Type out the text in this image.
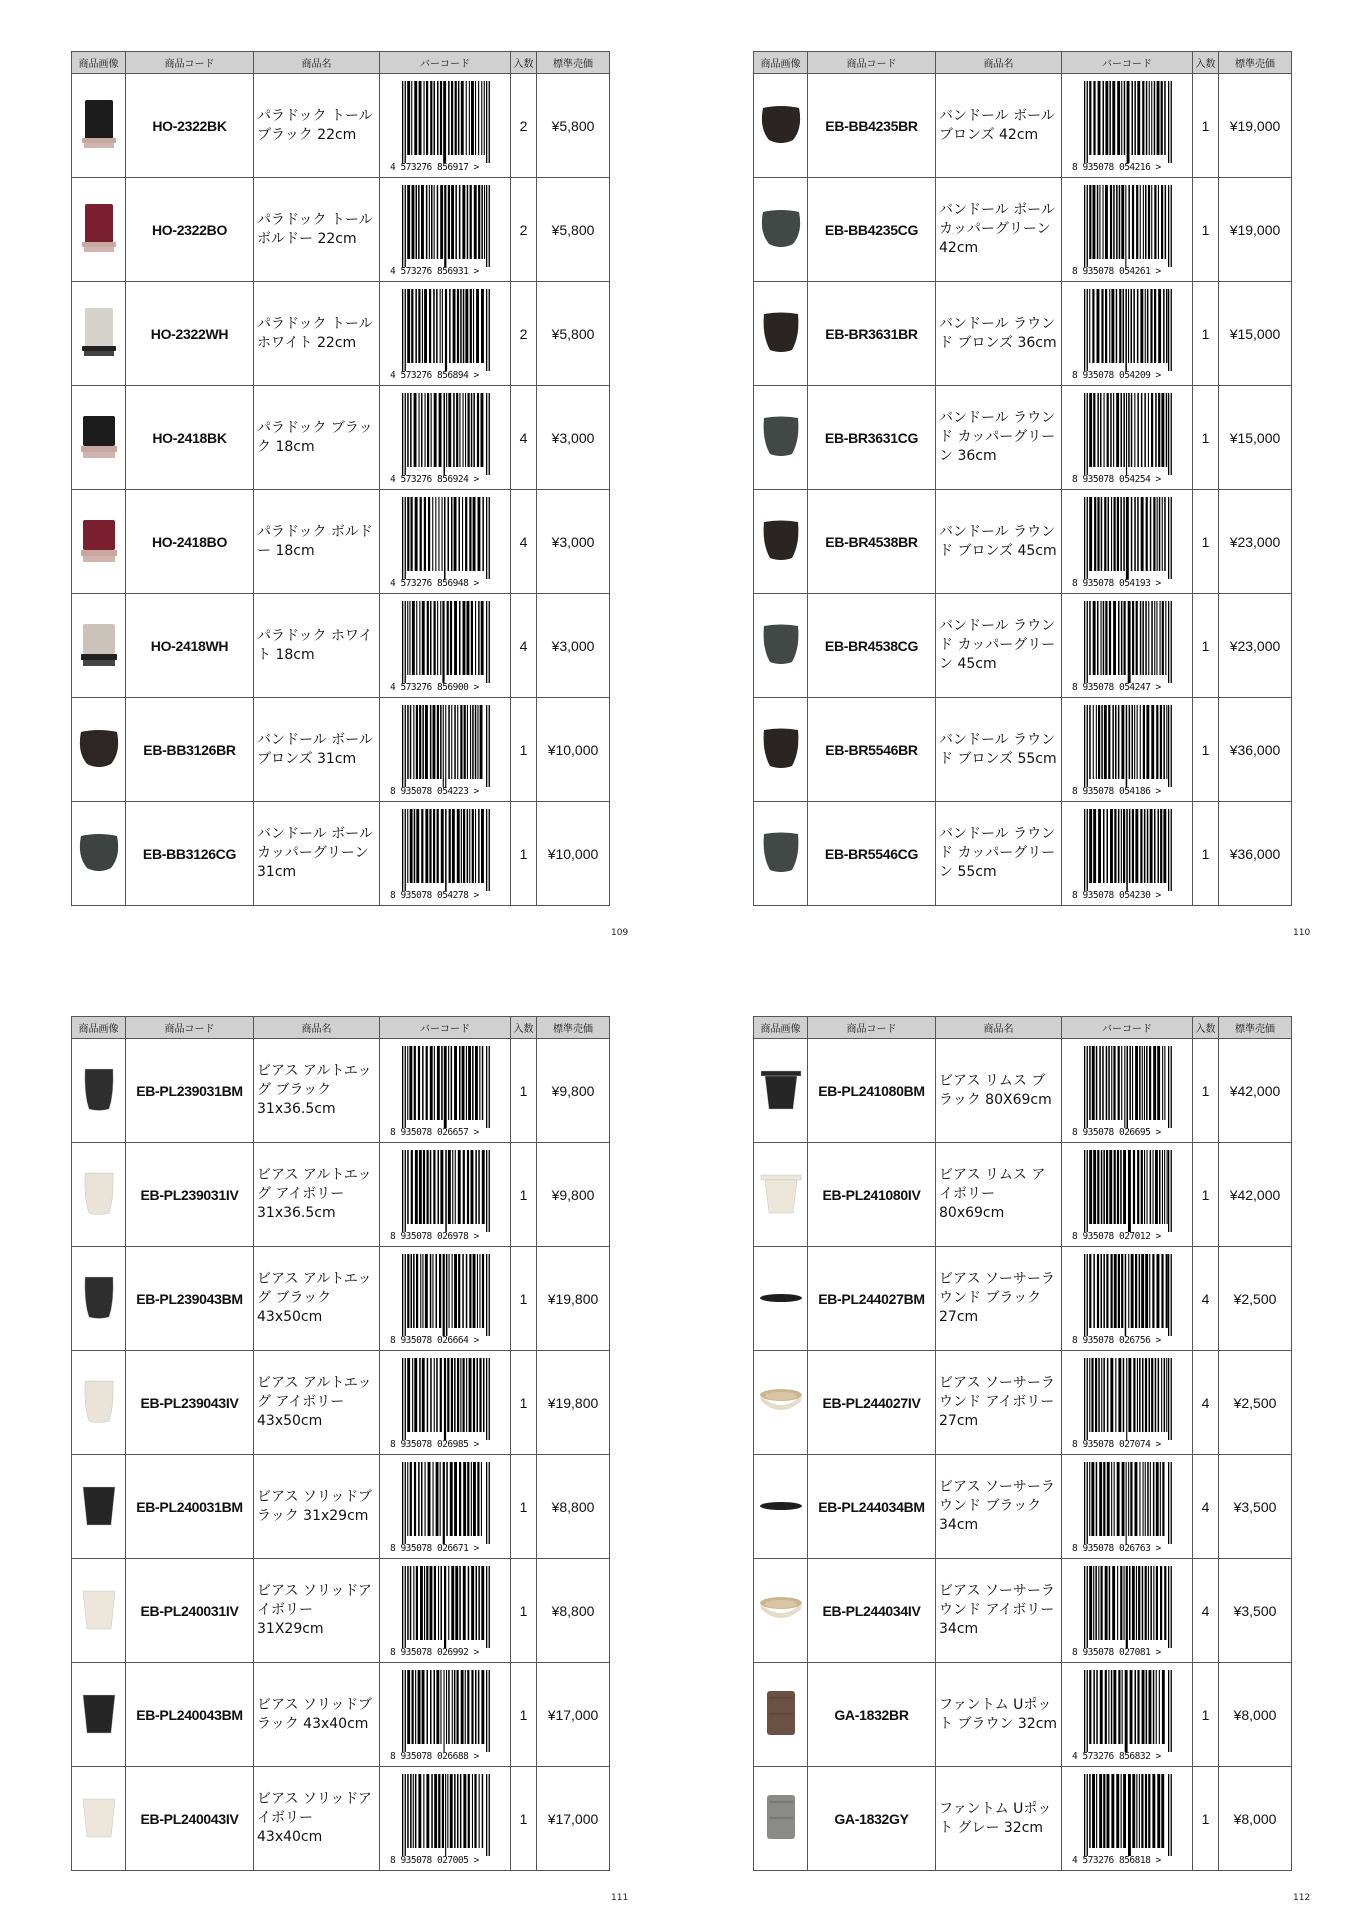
商品画像	商品コード	商品名	バーコード	入数	標準売価
	HO-2322BK	パラドック トール ブラック 22cm	4 573276 856917 >	2	¥5,800
	HO-2322BO	パラドック トール ボルドー 22cm	4 573276 856931 >	2	¥5,800
	HO-2322WH	パラドック トール ホワイト 22cm	4 573276 856894 >	2	¥5,800
	HO-2418BK	パラドック ブラック 18cm	4 573276 856924 >	4	¥3,000
	HO-2418BO	パラドック ボルドー 18cm	4 573276 856948 >	4	¥3,000
	HO-2418WH	パラドック ホワイト 18cm	4 573276 856900 >	4	¥3,000
	EB-BB3126BR	バンドール ボール ブロンズ 31cm	8 935078 054223 >	1	¥10,000
	EB-BB3126CG	バンドール ボール カッパーグリーン 31cm	8 935078 054278 >	1	¥10,000
109
商品画像	商品コード	商品名	バーコード	入数	標準売価
	EB-BB4235BR	バンドール ボール ブロンズ 42cm	8 935078 054216 >	1	¥19,000
	EB-BB4235CG	バンドール ボール カッパーグリーン 42cm	8 935078 054261 >	1	¥19,000
	EB-BR3631BR	バンドール ラウンド ブロンズ 36cm	8 935078 054209 >	1	¥15,000
	EB-BR3631CG	バンドール ラウンド カッパーグリーン 36cm	8 935078 054254 >	1	¥15,000
	EB-BR4538BR	バンドール ラウンド ブロンズ 45cm	8 935078 054193 >	1	¥23,000
	EB-BR4538CG	バンドール ラウンド カッパーグリーン 45cm	8 935078 054247 >	1	¥23,000
	EB-BR5546BR	バンドール ラウンド ブロンズ 55cm	8 935078 054186 >	1	¥36,000
	EB-BR5546CG	バンドール ラウンド カッパーグリーン 55cm	8 935078 054230 >	1	¥36,000
110
商品画像	商品コード	商品名	バーコード	入数	標準売価
	EB-PL239031BM	ビアス アルトエッグ ブラック 31x36.5cm	8 935078 026657 >	1	¥9,800
	EB-PL239031IV	ビアス アルトエッグ アイボリー31x36.5cm	8 935078 026978 >	1	¥9,800
	EB-PL239043BM	ビアス アルトエッグ ブラック 43x50cm	8 935078 026664 >	1	¥19,800
	EB-PL239043IV	ビアス アルトエッグ アイボリー 43x50cm	8 935078 026985 >	1	¥19,800
	EB-PL240031BM	ビアス ソリッドブラック 31x29cm	8 935078 026671 >	1	¥8,800
	EB-PL240031IV	ビアス ソリッドアイボリー 31X29cm	8 935078 026992 >	1	¥8,800
	EB-PL240043BM	ビアス ソリッドブラック 43x40cm	8 935078 026688 >	1	¥17,000
	EB-PL240043IV	ビアス ソリッドアイボリー 43x40cm	8 935078 027005 >	1	¥17,000
111
商品画像	商品コード	商品名	バーコード	入数	標準売価
	EB-PL241080BM	ビアス リムス ブラック 80X69cm	8 935078 026695 >	1	¥42,000
	EB-PL241080IV	ビアス リムス アイボリー 80x69cm	8 935078 027012 >	1	¥42,000
	EB-PL244027BM	ビアス ソーサーラウンド ブラック 27cm	8 935078 026756 >	4	¥2,500
	EB-PL244027IV	ビアス ソーサーラウンド アイボリー 27cm	8 935078 027074 >	4	¥2,500
	EB-PL244034BM	ビアス ソーサーラウンド ブラック 34cm	8 935078 026763 >	4	¥3,500
	EB-PL244034IV	ビアス ソーサーラウンド アイボリー 34cm	8 935078 027081 >	4	¥3,500
	GA-1832BR	ファントム Uポット ブラウン 32cm	4 573276 856832 >	1	¥8,000
	GA-1832GY	ファントム Uポット グレー 32cm	4 573276 856818 >	1	¥8,000
112
